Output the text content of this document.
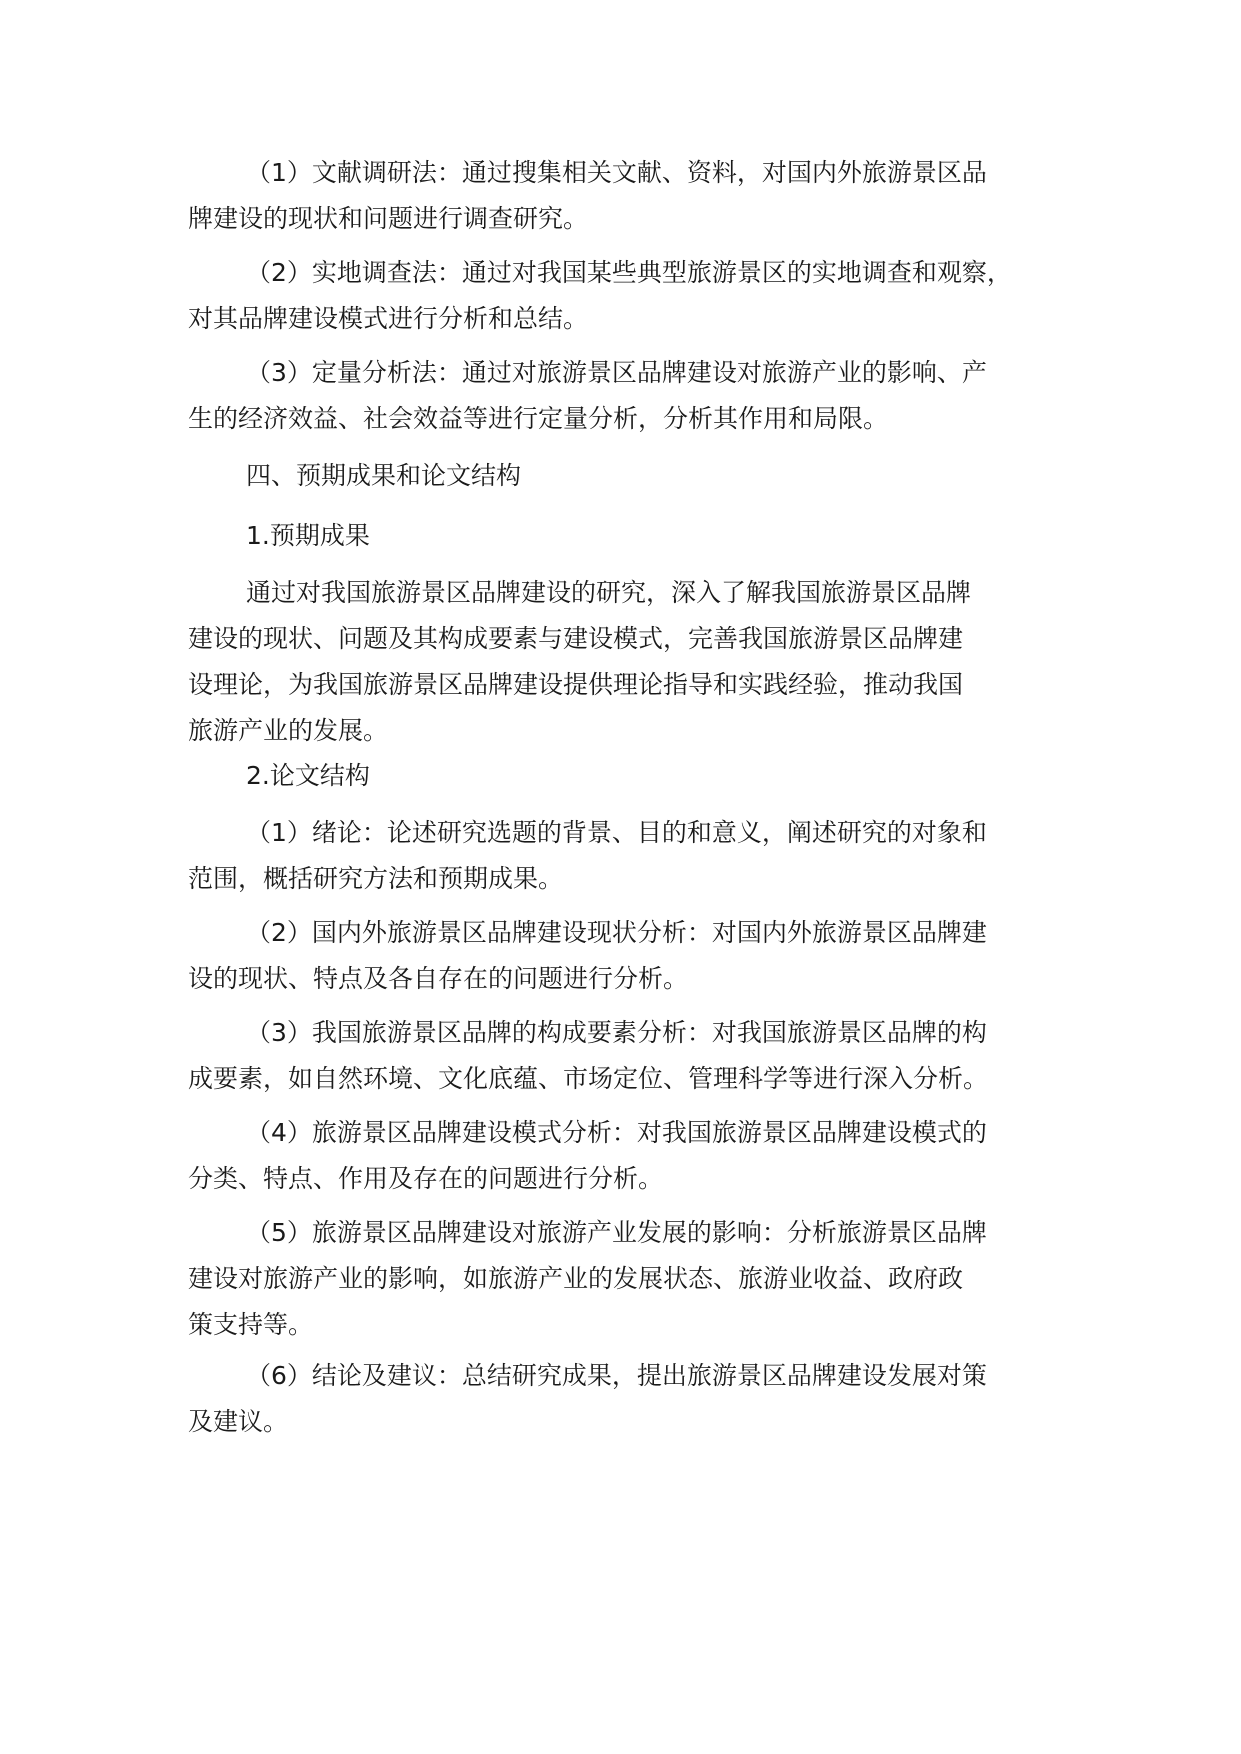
（1）文献调研法：通过搜集相关文献、资料，对国内外旅游景区品
牌建设的现状和问题进行调查研究。

（2）实地调查法：通过对我国某些典型旅游景区的实地调查和观察，
对其品牌建设模式进行分析和总结。

（3）定量分析法：通过对旅游景区品牌建设对旅游产业的影响、产
生的经济效益、社会效益等进行定量分析，分析其作用和局限。

四、预期成果和论文结构

1.预期成果

通过对我国旅游景区品牌建设的研究，深入了解我国旅游景区品牌
建设的现状、问题及其构成要素与建设模式，完善我国旅游景区品牌建
设理论，为我国旅游景区品牌建设提供理论指导和实践经验，推动我国
旅游产业的发展。

2.论文结构

（1）绪论：论述研究选题的背景、目的和意义，阐述研究的对象和
范围，概括研究方法和预期成果。

（2）国内外旅游景区品牌建设现状分析：对国内外旅游景区品牌建
设的现状、特点及各自存在的问题进行分析。

（3）我国旅游景区品牌的构成要素分析：对我国旅游景区品牌的构
成要素，如自然环境、文化底蕴、市场定位、管理科学等进行深入分析。

（4）旅游景区品牌建设模式分析：对我国旅游景区品牌建设模式的
分类、特点、作用及存在的问题进行分析。

（5）旅游景区品牌建设对旅游产业发展的影响：分析旅游景区品牌
建设对旅游产业的影响，如旅游产业的发展状态、旅游业收益、政府政
策支持等。

（6）结论及建议：总结研究成果，提出旅游景区品牌建设发展对策
及建议。
